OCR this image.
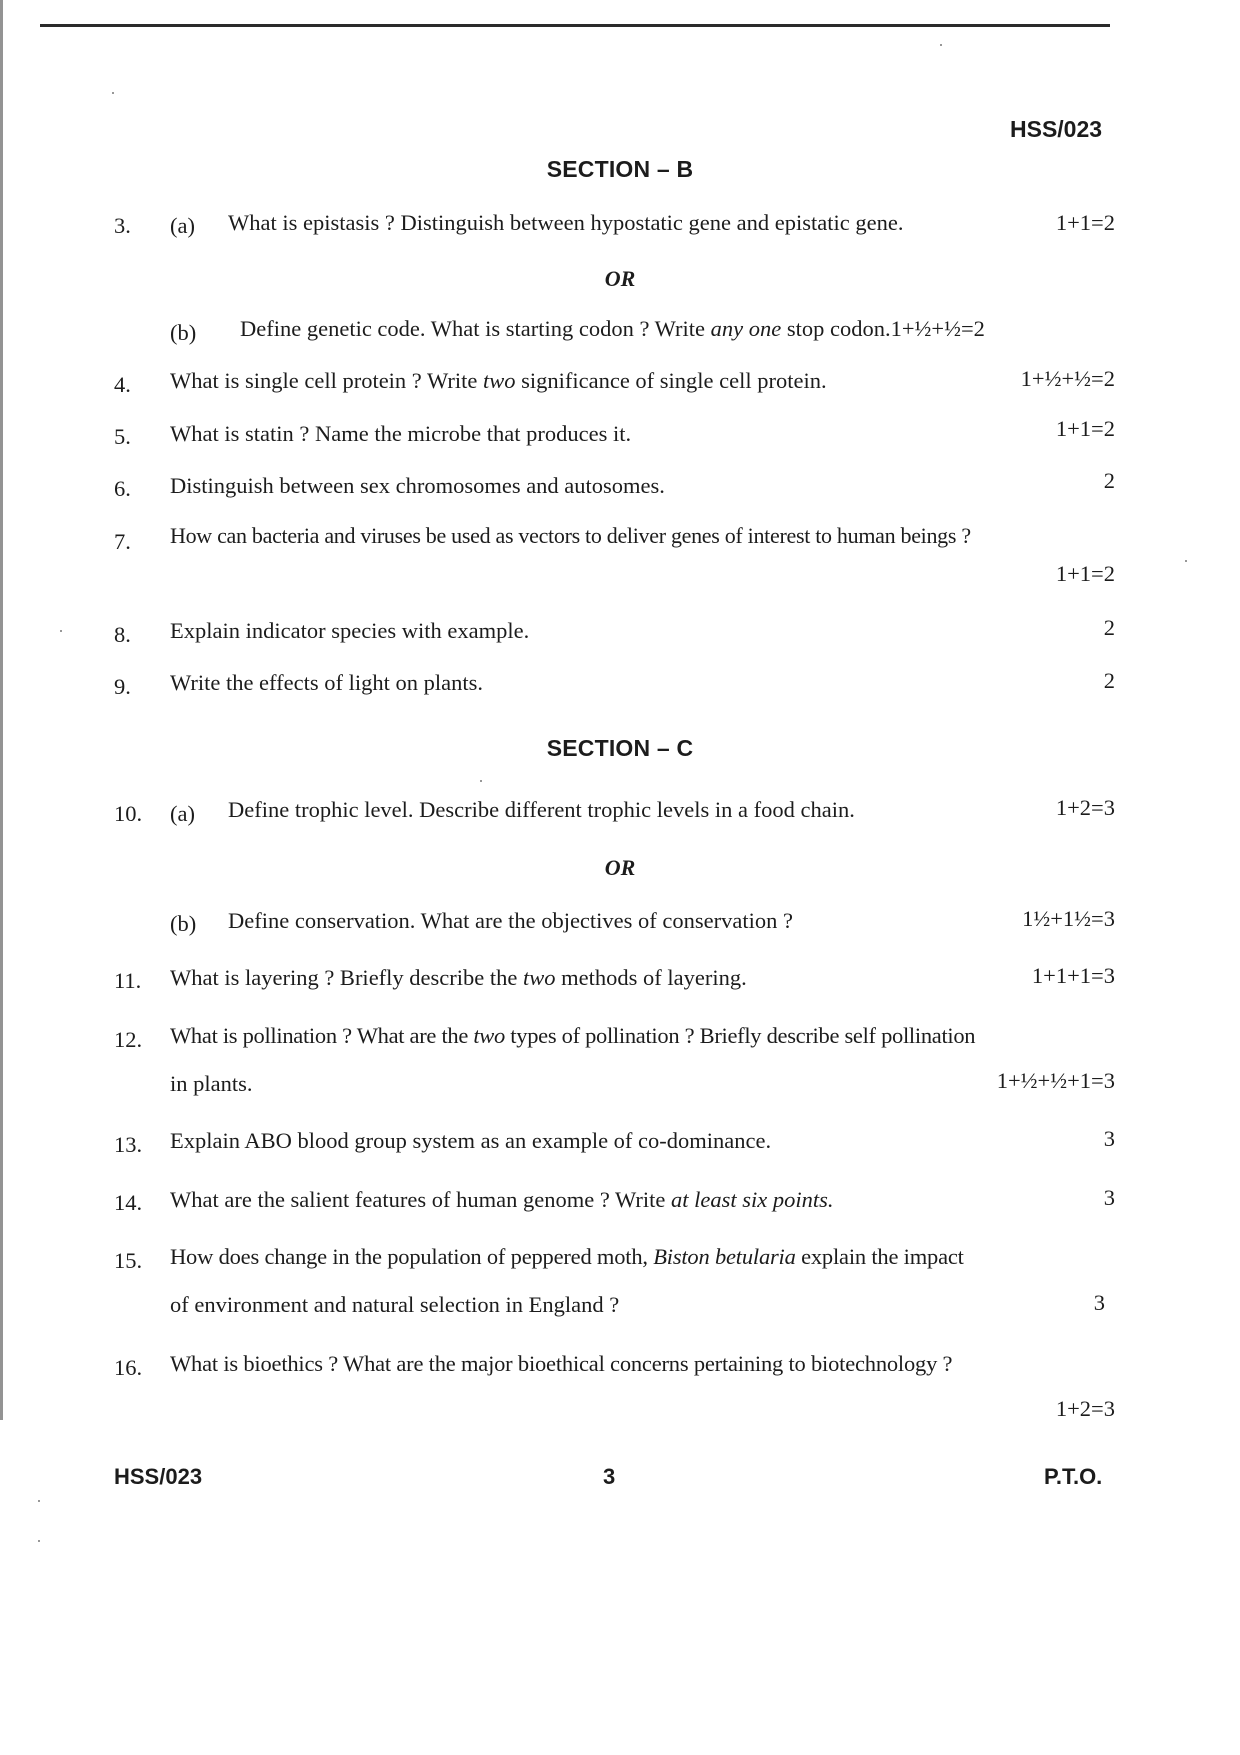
HSS/023
SECTION – B
3. (a) What is epistasis ? Distinguish between hypostatic gene and epistatic gene.	1+1=2
OR
(b) Define genetic code. What is starting codon ? Write any one stop codon.1+½+½=2
4. What is single cell protein ? Write two significance of single cell protein.	1+½+½=2
5. What is statin ? Name the microbe that produces it.	1+1=2
6. Distinguish between sex chromosomes and autosomes.	2
7. How can bacteria and viruses be used as vectors to deliver genes of interest to human beings ?
1+1=2
8. Explain indicator species with example.	2
9. Write the effects of light on plants.	2
SECTION – C
10. (a) Define trophic level. Describe different trophic levels in a food chain.	1+2=3
OR
(b) Define conservation. What are the objectives of conservation ?	1½+1½=3
11. What is layering ? Briefly describe the two methods of layering.	1+1+1=3
12. What is pollination ? What are the two types of pollination ? Briefly describe self pollination
in plants.	1+½+½+1=3
13. Explain ABO blood group system as an example of co-dominance.	3
14. What are the salient features of human genome ? Write at least six points.	3
15. How does change in the population of peppered moth, Biston betularia explain the impact
of environment and natural selection in England ?	3
16. What is bioethics ? What are the major bioethical concerns pertaining to biotechnology ?
1+2=3
HSS/023	3	P.T.O.
